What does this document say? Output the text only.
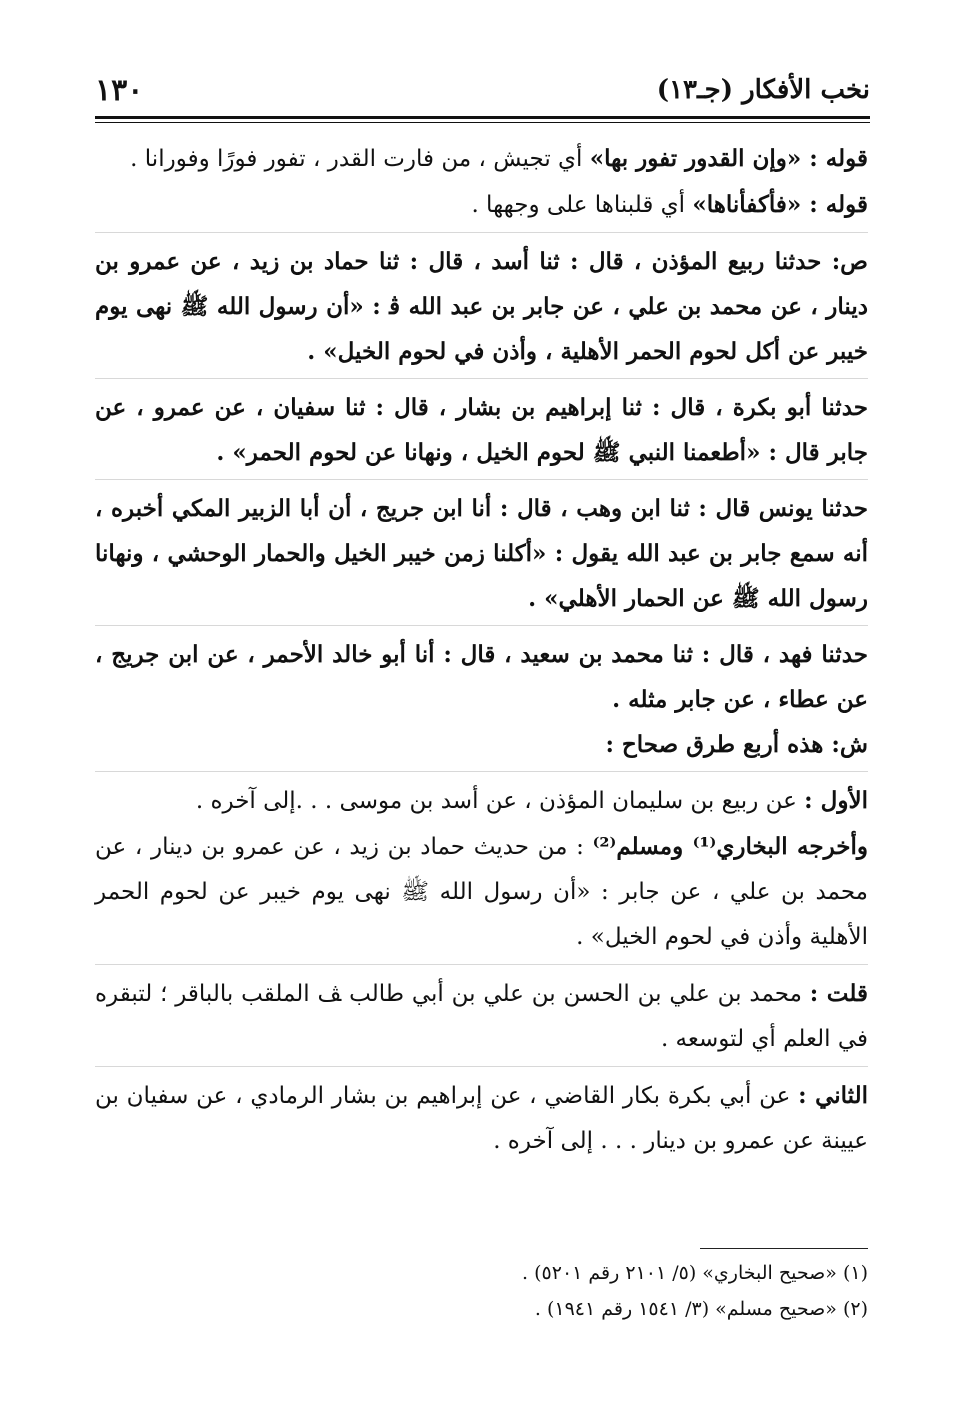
١٣٠	نخب الأفكار (جـ١٣)

قوله : «وإن القدور تفور بها» أي تجيش ، من فارت القدر ، تفور فورًا وفورانا .

قوله : «فأكفأناها» أي قلبناها على وجهها .

ص: حدثنا ربيع المؤذن ، قال : ثنا أسد ، قال : ثنا حماد بن زيد ، عن عمرو بن دينار ، عن محمد بن علي ، عن جابر بن عبد الله ﭬ : «أن رسول الله ﷺ نهى يوم خيبر عن أكل لحوم الحمر الأهلية ، وأذن في لحوم الخيل» .

حدثنا أبو بكرة ، قال : ثنا إبراهيم بن بشار ، قال : ثنا سفيان ، عن عمرو ، عن جابر قال : «أطعمنا النبي ﷺ لحوم الخيل ، ونهانا عن لحوم الحمر» .

حدثنا يونس قال : ثنا ابن وهب ، قال : أنا ابن جريج ، أن أبا الزبير المكي أخبره ، أنه سمع جابر بن عبد الله يقول : «أكلنا زمن خيبر الخيل والحمار الوحشي ، ونهانا رسول الله ﷺ عن الحمار الأهلي» .

حدثنا فهد ، قال : ثنا محمد بن سعيد ، قال : أنا أبو خالد الأحمر ، عن ابن جريج ، عن عطاء ، عن جابر مثله .

ش: هذه أربع طرق صحاح :

الأول : عن ربيع بن سليمان المؤذن ، عن أسد بن موسى . . .إلى آخره .

وأخرجه البخاري⁽¹⁾ ومسلم⁽²⁾ : من حديث حماد بن زيد ، عن عمرو بن دينار ، عن محمد بن علي ، عن جابر : «أن رسول الله ﷺ نهى يوم خيبر عن لحوم الحمر الأهلية وأذن في لحوم الخيل» .

قلت : محمد بن علي بن الحسن بن علي بن أبي طالب ﭫ الملقب بالباقر ؛ لتبقره في العلم أي لتوسعه .

الثاني : عن أبي بكرة بكار القاضي ، عن إبراهيم بن بشار الرمادي ، عن سفيان بن عيينة عن عمرو بن دينار . . . إلى آخره .

(١) «صحيح البخاري» (٥/ ٢١٠١ رقم ٥٢٠١) .

(٢) «صحيح مسلم» (٣/ ١٥٤١ رقم ١٩٤١) .
